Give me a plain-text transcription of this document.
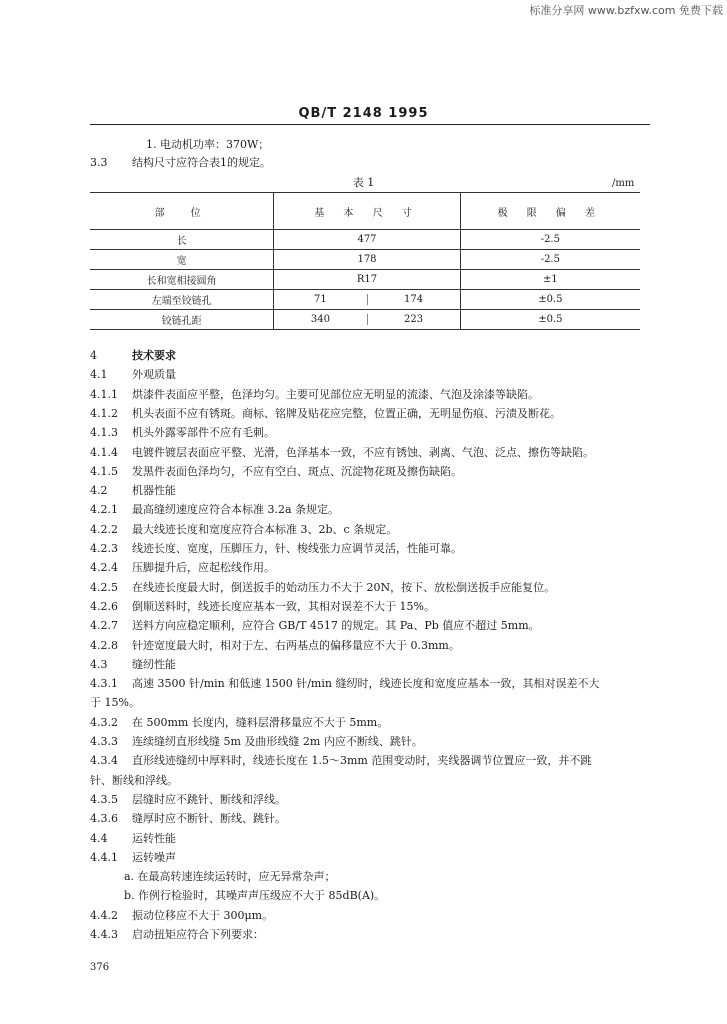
标准分享网 www.bzfxw.com 免费下载
QB/T 2148 1995
1. 电动机功率：370W；
3.3 结构尺寸应符合表1的规定。
表 1	/mm
部　位	基 本 尺 寸	极 限 偏 差
长	477	-2.5
宽	178	-2.5
长和宽相接圆角	R17	±1
左端至铰链孔	71 174	±0.5
铰链孔距	340 223	±0.5
4	技术要求
4.1 外观质量
4.1.1 烘漆件表面应平整，色泽均匀。主要可见部位应无明显的流漆、气泡及涂漆等缺陷。
4.1.2 机头表面不应有锈斑。商标、铭牌及贴花应完整，位置正确，无明显伤痕、污渍及断花。
4.1.3 机头外露零部件不应有毛刺。
4.1.4 电镀件镀层表面应平整、光滑，色泽基本一致，不应有锈蚀、剥离、气泡、泛点、擦伤等缺陷。
4.1.5 发黑件表面色泽均匀，不应有空白、斑点、沉淀物花斑及擦伤缺陷。
4.2 机器性能
4.2.1 最高缝纫速度应符合本标准 3.2a 条规定。
4.2.2 最大线迹长度和宽度应符合本标准 3、2b、c 条规定。
4.2.3 线迹长度、宽度，压脚压力，针、梭线张力应调节灵活，性能可靠。
4.2.4 压脚提升后，应起松线作用。
4.2.5 在线迹长度最大时，倒送扳手的始动压力不大于 20N，按下、放松倒送扳手应能复位。
4.2.6 倒顺送料时，线迹长度应基本一致，其相对误差不大于 15%。
4.2.7 送料方向应稳定顺利，应符合 GB/T 4517 的规定。其 Pa、Pb 值应不超过 5mm。
4.2.8 针迹宽度最大时，相对于左、右两基点的偏移量应不大于 0.3mm。
4.3 缝纫性能
4.3.1 高速 3500 针/min 和低速 1500 针/min 缝纫时，线迹长度和宽度应基本一致，其相对误差不大
于 15%。
4.3.2 在 500mm 长度内，缝料层滑移量应不大于 5mm。
4.3.3 连续缝纫直形线缝 5m 及曲形线缝 2m 内应不断线、跳针。
4.3.4 直形线迹缝纫中厚料时，线迹长度在 1.5～3mm 范围变动时，夹线器调节位置应一致，并不跳
针、断线和浮线。
4.3.5 层缝时应不跳针、断线和浮线。
4.3.6 缝厚时应不断针、断线、跳针。
4.4 运转性能
4.4.1 运转噪声
a. 在最高转速连续运转时，应无异常杂声；
b. 作例行检验时，其噪声声压级应不大于 85dB(A)。
4.4.2 振动位移应不大于 300μm。
4.4.3 启动扭矩应符合下列要求：
376
